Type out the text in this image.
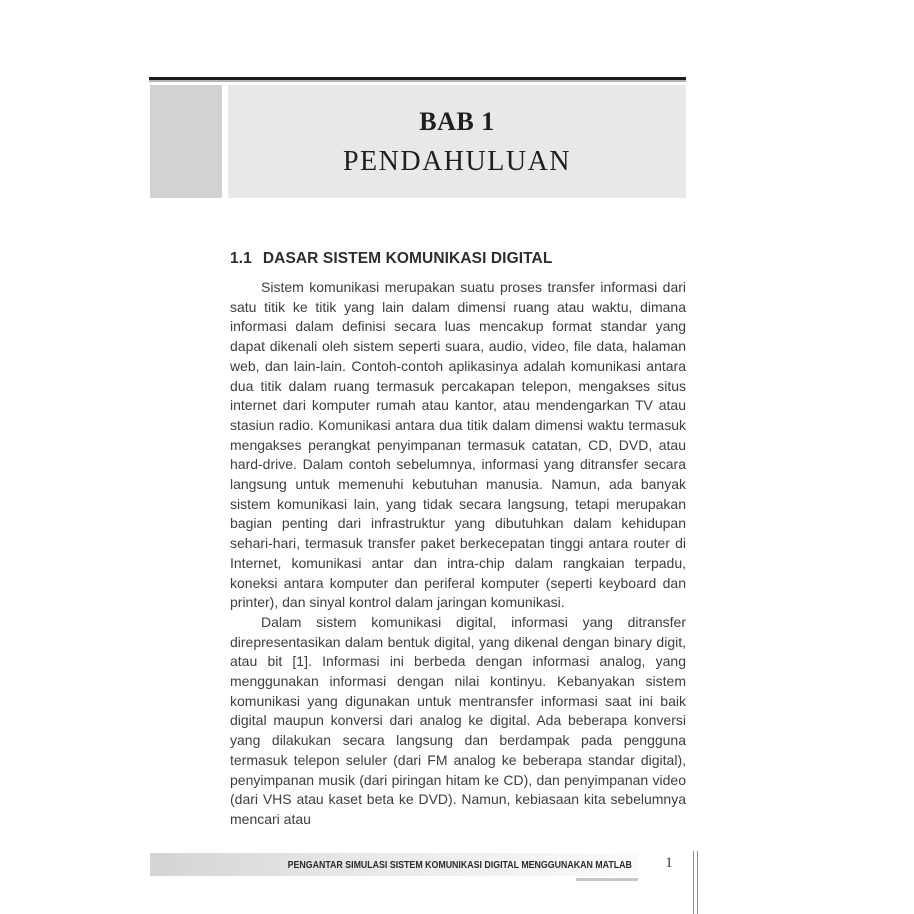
BAB 1
PENDAHULUAN
1.1 DASAR SISTEM KOMUNIKASI DIGITAL

Sistem komunikasi merupakan suatu proses transfer informasi dari satu titik ke titik yang lain dalam dimensi ruang atau waktu, dimana informasi dalam definisi secara luas mencakup format standar yang dapat dikenali oleh sistem seperti suara, audio, video, file data, halaman web, dan lain-lain. Contoh-contoh aplikasinya adalah komunikasi antara dua titik dalam ruang termasuk percakapan telepon, mengakses situs internet dari komputer rumah atau kantor, atau mendengarkan TV atau stasiun radio. Komunikasi antara dua titik dalam dimensi waktu termasuk mengakses perangkat penyimpanan termasuk catatan, CD, DVD, atau hard-drive. Dalam contoh sebelumnya, informasi yang ditransfer secara langsung untuk memenuhi kebutuhan manusia. Namun, ada banyak sistem komunikasi lain, yang tidak secara langsung, tetapi merupakan bagian penting dari infrastruktur yang dibutuhkan dalam kehidupan sehari-hari, termasuk transfer paket berkecepatan tinggi antara router di Internet, komunikasi antar dan intra-chip dalam rangkaian terpadu, koneksi antara komputer dan periferal komputer (seperti keyboard dan printer), dan sinyal kontrol dalam jaringan komunikasi.

Dalam sistem komunikasi digital, informasi yang ditransfer direpresentasikan dalam bentuk digital, yang dikenal dengan binary digit, atau bit [1]. Informasi ini berbeda dengan informasi analog, yang menggunakan informasi dengan nilai kontinyu. Kebanyakan sistem komunikasi yang digunakan untuk mentransfer informasi saat ini baik digital maupun konversi dari analog ke digital. Ada beberapa konversi yang dilakukan secara langsung dan berdampak pada pengguna termasuk telepon seluler (dari FM analog ke beberapa standar digital), penyimpanan musik (dari piringan hitam ke CD), dan penyimpanan video (dari VHS atau kaset beta ke DVD). Namun, kebiasaan kita sebelumnya mencari atau

PENGANTAR SIMULASI SISTEM KOMUNIKASI DIGITAL MENGGUNAKAN MATLAB	1
